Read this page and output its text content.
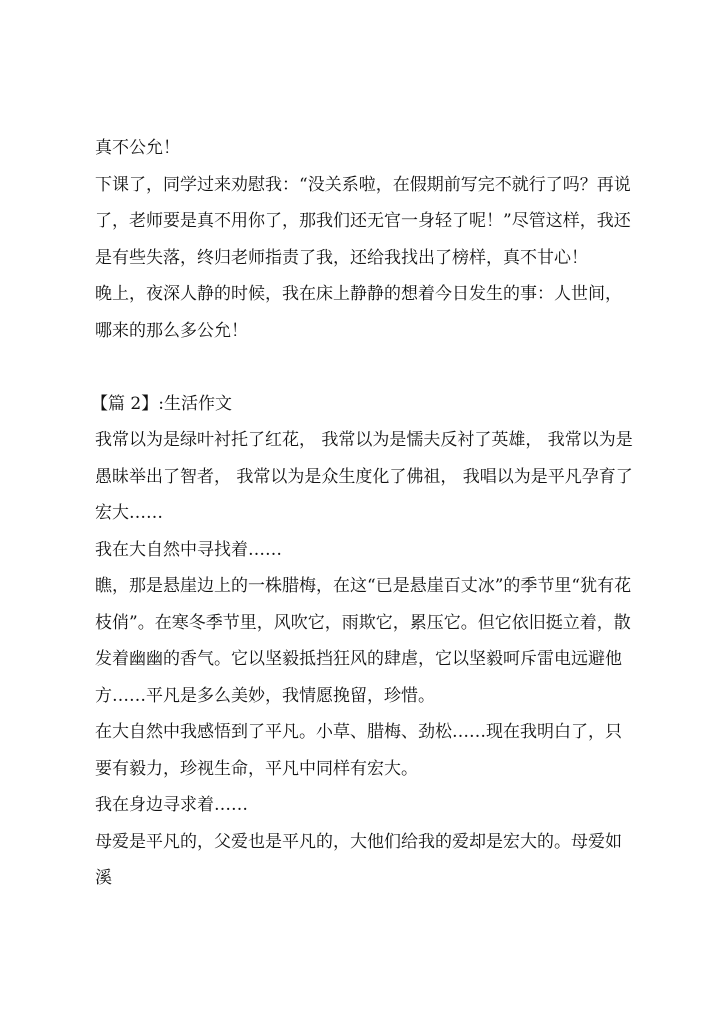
真不公允！

下课了，同学过来劝慰我：“没关系啦，在假期前写完不就行了吗？再说了，老师要是真不用你了，那我们还无官一身轻了呢！”尽管这样，我还是有些失落，终归老师指责了我，还给我找出了榜样，真不甘心！

晚上，夜深人静的时候，我在床上静静的想着今日发生的事：人世间，哪来的那么多公允！

【篇 2】:生活作文

我常以为是绿叶衬托了红花， 我常以为是懦夫反衬了英雄， 我常以为是愚昧举出了智者， 我常以为是众生度化了佛祖， 我唱以为是平凡孕育了宏大……

我在大自然中寻找着……

瞧，那是悬崖边上的一株腊梅，在这“已是悬崖百丈冰”的季节里“犹有花枝俏”。在寒冬季节里，风吹它，雨欺它，累压它。但它依旧挺立着，散发着幽幽的香气。它以坚毅抵挡狂风的肆虐，它以坚毅呵斥雷电远避他方……平凡是多么美妙，我情愿挽留，珍惜。

在大自然中我感悟到了平凡。小草、腊梅、劲松……现在我明白了，只要有毅力，珍视生命，平凡中同样有宏大。

我在身边寻求着……

母爱是平凡的，父爱也是平凡的，大他们给我的爱却是宏大的。母爱如溪
